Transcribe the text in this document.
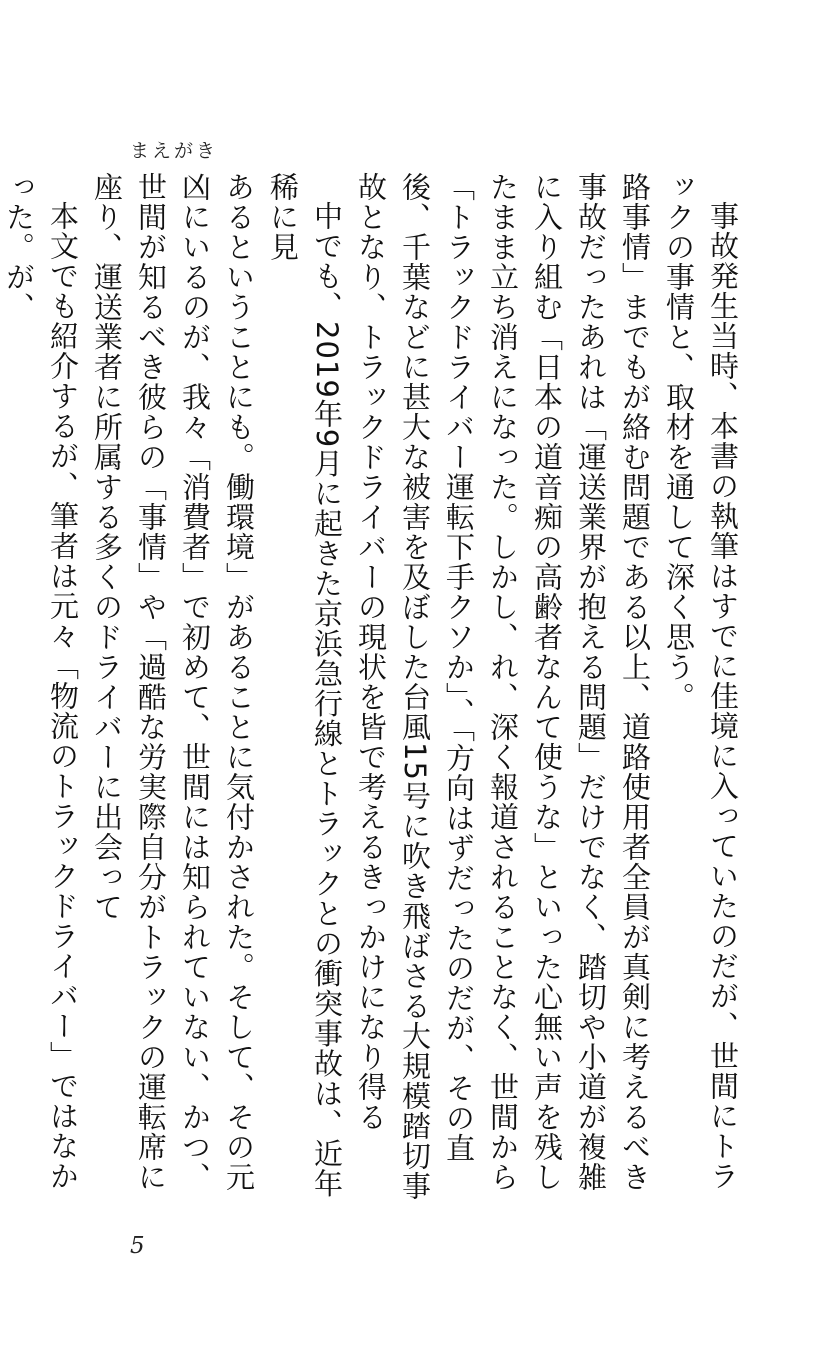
まえがき

事故発生当時、本書の執筆はすでに佳境に入っていたのだが、世間にトラックの事情と、取材を通して深く思う。

路事情」までもが絡む問題である以上、道路使用者全員が真剣に考えるべき事故だったあれは「運送業界が抱える問題」だけでなく、踏切や小道が複雑に入り組む「日本の道音痴の高齢者なんて使うな」といった心無い声を残したまま立ち消えになった。しかし、れ、深く報道されることなく、世間から「トラックドライバー運転下手クソか」、「方向はずだったのだが、その直後、千葉などに甚大な被害を及ぼした台風15号に吹き飛ばさる大規模踏切事故となり、トラックドライバーの現状を皆で考えるきっかけになり得る

中でも、2019年9月に起きた京浜急行線とトラックとの衝突事故は、近年稀に見

あるということにも。働環境」があることに気付かされた。そして、その元凶にいるのが、我々「消費者」で初めて、世間には知られていない、かつ、世間が知るべき彼らの「事情」や「過酷な労実際自分がトラックの運転席に座り、運送業者に所属する多くのドライバーに出会って

本文でも紹介するが、筆者は元々「物流のトラックドライバー」ではなかった。が、

5
